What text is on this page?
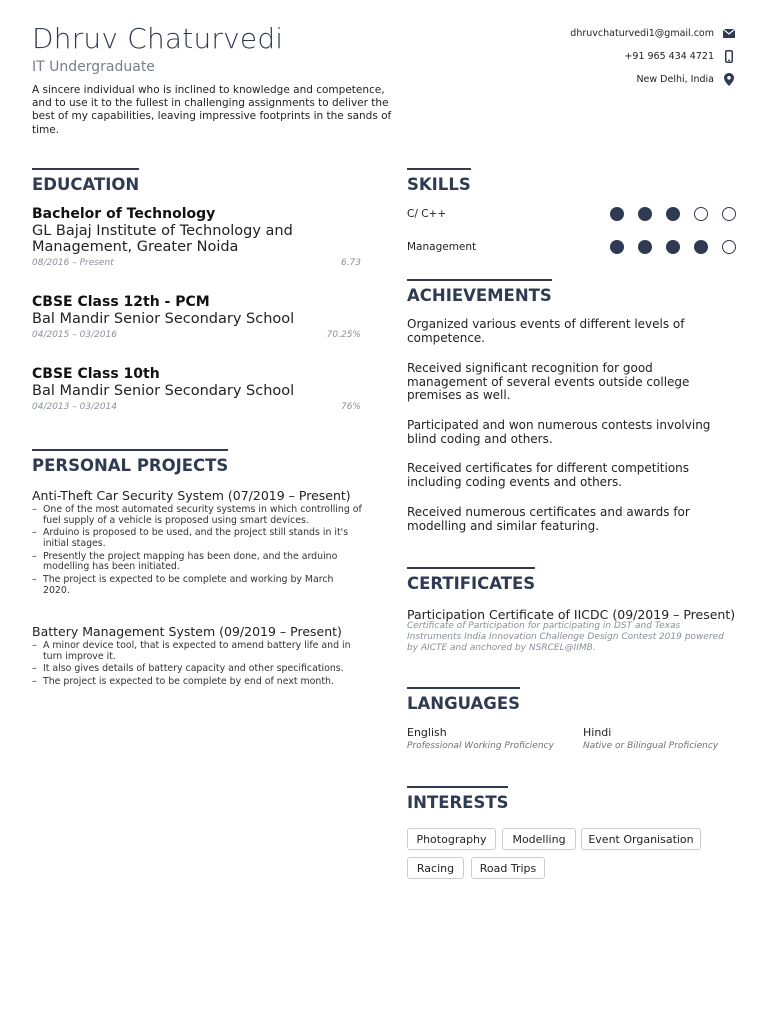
Dhruv Chaturvedi
IT Undergraduate
A sincere individual who is inclined to knowledge and competence, and to use it to the fullest in challenging assignments to deliver the best of my capabilities, leaving impressive footprints in the sands of time.
dhruvchaturvedi1@gmail.com
+91 965 434 4721
New Delhi, India
EDUCATION
Bachelor of Technology
GL Bajaj Institute of Technology and Management, Greater Noida
08/2016 – Present	6.73
CBSE Class 12th - PCM
Bal Mandir Senior Secondary School
04/2015 – 03/2016	70.25%
CBSE Class 10th
Bal Mandir Senior Secondary School
04/2013 – 03/2014	76%
PERSONAL PROJECTS
Anti-Theft Car Security System (07/2019 – Present)
– One of the most automated security systems in which controlling of fuel supply of a vehicle is proposed using smart devices.
– Arduino is proposed to be used, and the project still stands in it's initial stages.
– Presently the project mapping has been done, and the arduino modelling has been initiated.
– The project is expected to be complete and working by March 2020.
Battery Management System (09/2019 – Present)
– A minor device tool, that is expected to amend battery life and in turn improve it.
– It also gives details of battery capacity and other specifications.
– The project is expected to be complete by end of next month.
SKILLS
C/ C++
Management
ACHIEVEMENTS
Organized various events of different levels of competence.
Received significant recognition for good management of several events outside college premises as well.
Participated and won numerous contests involving blind coding and others.
Received certificates for different competitions including coding events and others.
Received numerous certificates and awards for modelling and similar featuring.
CERTIFICATES
Participation Certificate of IICDC (09/2019 – Present)
Certificate of Participation for participating in DST and Texas Instruments India Innovation Challenge Design Contest 2019 powered by AICTE and anchored by NSRCEL@IIMB.
LANGUAGES
English
Professional Working Proficiency
Hindi
Native or Bilingual Proficiency
INTERESTS
Photography	Modelling	Event Organisation
Racing	Road Trips
